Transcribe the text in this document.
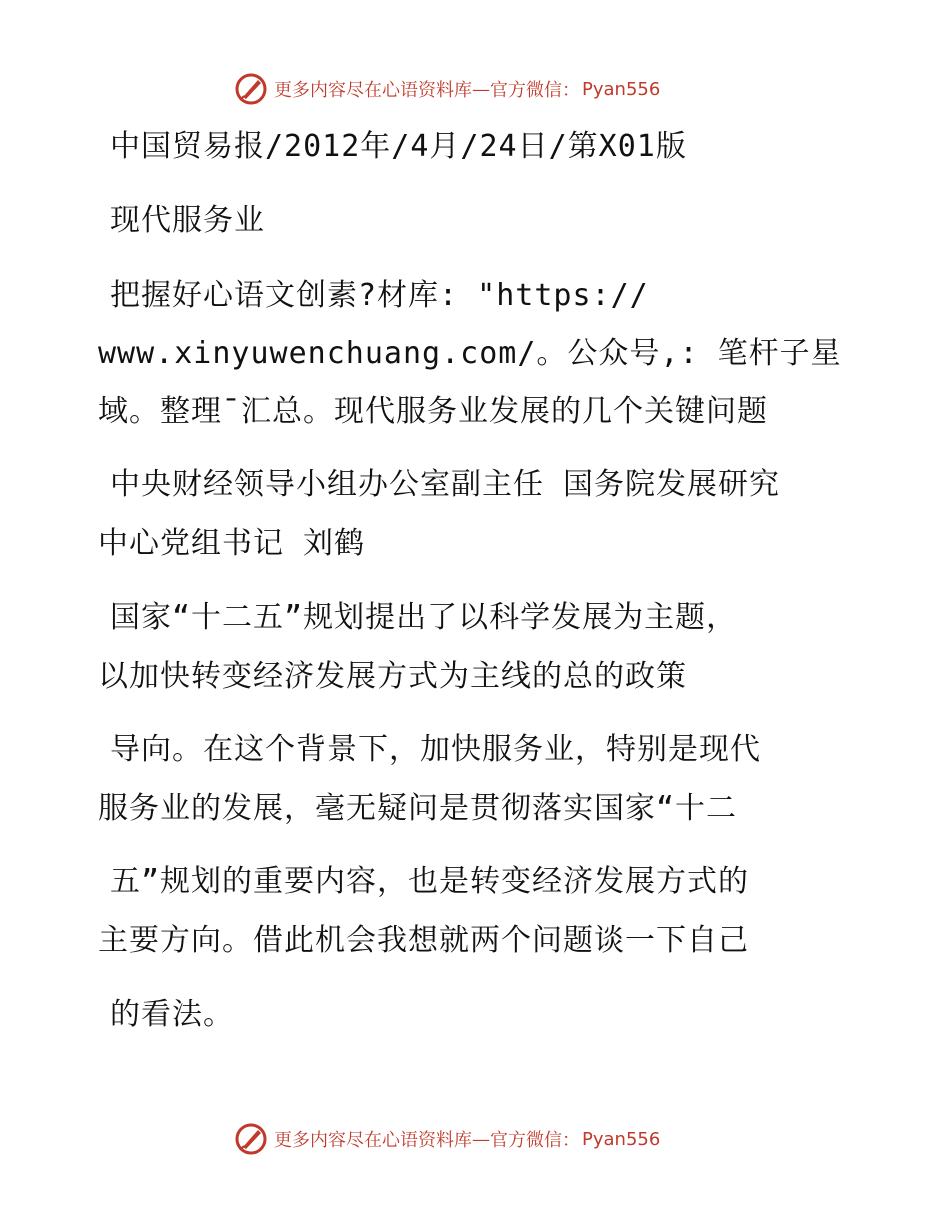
更多内容尽在心语资料库 — 官方微信： Pyan556
中国贸易报/2012年/4月/24日/第X01版
现代服务业
把握好心语文创素?材库: "https://
www.xinyuwenchuang.com/。公众号,: 笔杆子星
域。整理¯汇总。现代服务业发展的几个关键问题
中央财经领导小组办公室副主任 国务院发展研究
中心党组书记 刘鹤
国家“十二五”规划提出了以科学发展为主题，
以加快转变经济发展方式为主线的总的政策
导向。在这个背景下，加快服务业，特别是现代
服务业的发展，毫无疑问是贯彻落实国家“十二
五”规划的重要内容，也是转变经济发展方式的
主要方向。借此机会我想就两个问题谈一下自己
的看法。
更多内容尽在心语资料库 — 官方微信： Pyan556
